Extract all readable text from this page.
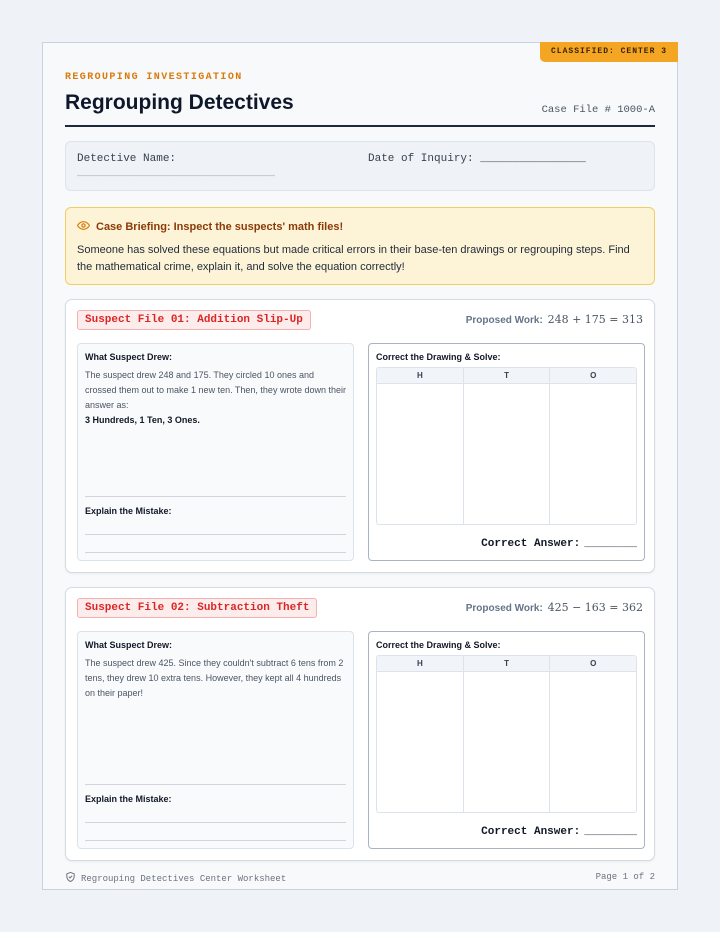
CLASSIFIED: CENTER 3
REGROUPING INVESTIGATION
Regrouping Detectives	Case File # 1000-A
Detective Name:	Date of Inquiry: ________________
______________________________
Case Briefing: Inspect the suspects' math files!
Someone has solved these equations but made critical errors in their base-ten drawings or regrouping steps. Find the mathematical crime, explain it, and solve the equation correctly!
Suspect File 01: Addition Slip-Up	Proposed Work: 248 + 175 = 313
What Suspect Drew:
The suspect drew 248 and 175. They circled 10 ones and crossed them out to make 1 new ten. Then, they wrote down their answer as:
3 Hundreds, 1 Ten, 3 Ones.
Explain the Mistake:
Correct the Drawing & Solve:
H	T	O
Correct Answer: ________
Suspect File 02: Subtraction Theft	Proposed Work: 425 − 163 = 362
What Suspect Drew:
The suspect drew 425. Since they couldn't subtract 6 tens from 2 tens, they drew 10 extra tens. However, they kept all 4 hundreds on their paper!
Explain the Mistake:
Correct the Drawing & Solve:
H	T	O
Correct Answer: ________
Regrouping Detectives Center Worksheet	Page 1 of 2
